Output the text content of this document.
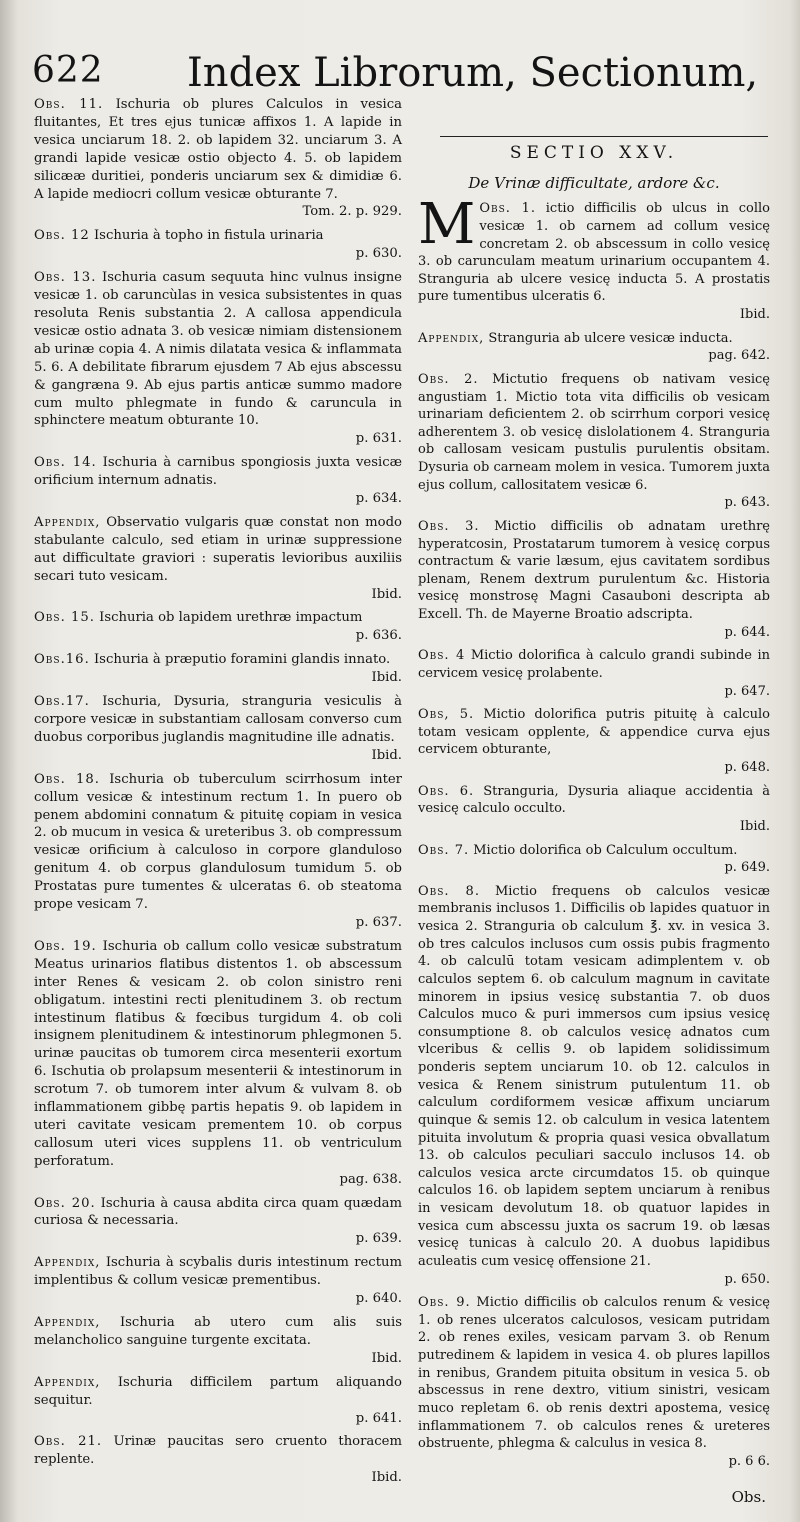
622 Index Librorum, Sectionum,
Obs. 11. Ischuria ob plures Calculos in vesica fluitantes, Et tres ejus tunicæ affixos 1. A lapide in vesica unciarum 18. 2. ob lapidem 32. unciarum 3. A grandi lapide vesicæ ostio objecto 4. 5. ob lapidem silicææ duritiei, ponderis unciarum sex & dimidiæ 6. A lapide mediocri collum vesicæ obturante 7.
Tom. 2. p. 929.
Obs. 12 Ischuria à topho in fistula urinaria
p. 630.
Obs. 13. Ischuria casum sequuta hinc vulnus insigne vesicæ 1. ob caruncùlas in vesica subsistentes in quas resoluta Renis substantia 2. A callosa appendicula vesicæ ostio adnata 3. ob vesicæ nimiam distensionem ab urinæ copia 4. A nimis dilatata vesica & inflammata 5. 6. A debilitate fibrarum ejusdem 7 Ab ejus abscessu & gangræna 9. Ab ejus partis anticæ summo madore cum multo phlegmate in fundo & caruncula in sphinctere meatum obturante 10.
p. 631.
Obs. 14. Ischuria à carnibus spongiosis juxta vesicæ orificium internum adnatis.
p. 634.
Appendix, Observatio vulgaris quæ constat non modo stabulante calculo, sed etiam in urinæ suppressione aut difficultate graviori : superatis levioribus auxiliis secari tuto vesicam.
Ibid.
Obs. 15. Ischuria ob lapidem urethræ impactum
p. 636.
Obs.16. Ischuria à præputio foramini glandis innato.
Ibid.
Obs.17. Ischuria, Dysuria, stranguria vesiculis à corpore vesicæ in substantiam callosam converso cum duobus corporibus juglandis magnitudine ille adnatis.
Ibid.
Obs. 18. Ischuria ob tuberculum scirrhosum inter collum vesicæ & intestinum rectum 1. In puero ob penem abdomini connatum & pituitę copiam in vesica 2. ob mucum in vesica & ureteribus 3. ob compressum vesicæ orificium à calculoso in corpore glanduloso genitum 4. ob corpus glandulosum tumidum 5. ob Prostatas pure tumentes & ulceratas 6. ob steatoma prope vesicam 7.
p. 637.
Obs. 19. Ischuria ob callum collo vesicæ substratum Meatus urinarios flatibus distentos 1. ob abscessum inter Renes & vesicam 2. ob colon sinistro reni obligatum. intestini recti plenitudinem 3. ob rectum intestinum flatibus & fœcibus turgidum 4. ob coli insignem plenitudinem & intestinorum phlegmonen 5. urinæ paucitas ob tumorem circa mesenterii exortum 6. Ischutia ob prolapsum mesenterii & intestinorum in scrotum 7. ob tumorem inter alvum & vulvam 8. ob inflammationem gibbę partis hepatis 9. ob lapidem in uteri cavitate vesicam prementem 10. ob corpus callosum uteri vices supplens 11. ob ventriculum perforatum.
pag. 638.
Obs. 20. Ischuria à causa abdita circa quam quædam curiosa & necessaria.
p. 639.
Appendix, Ischuria à scybalis duris intestinum rectum implentibus & collum vesicæ prementibus.
p. 640.
Appendix, Ischuria ab utero cum alis suis melancholico sanguine turgente excitata.
Ibid.
Appendix, Ischuria difficilem partum aliquando sequitur.
p. 641.
Obs. 21. Urinæ paucitas sero cruento thoracem replente.
Ibid.
SECTIO XXV.
De Vrinæ difficultate, ardore &c.
M Obs. 1. ictio difficilis ob ulcus in collo vesicæ 1. ob carnem ad collum vesicę concretam 2. ob abscessum in collo vesicę 3. ob carunculam meatum urinarium occupantem 4. Stranguria ab ulcere vesicę inducta 5. A prostatis pure tumentibus ulceratis 6.
Ibid.
Appendix, Stranguria ab ulcere vesicæ inducta.
pag. 642.
Obs. 2. Mictutio frequens ob nativam vesicę angustiam 1. Mictio tota vita difficilis ob vesicam urinariam deficientem 2. ob scirrhum corpori vesicę adherentem 3. ob vesicę dislolationem 4. Stranguria ob callosam vesicam pustulis purulentis obsitam. Dysuria ob carneam molem in vesica. Tumorem juxta ejus collum, callositatem vesicæ 6.
p. 643.
Obs. 3. Mictio difficilis ob adnatam urethrę hyperatcosin, Prostatarum tumorem à vesicę corpus contractum & varie læsum, ejus cavitatem sordibus plenam, Renem dextrum purulentum &c. Historia vesicę monstrosę Magni Casauboni descripta ab Excell. Th. de Mayerne Broatio adscripta.
p. 644.
Obs. 4 Mictio dolorifica à calculo grandi subinde in cervicem vesicę prolabente.
p. 647.
Obs, 5. Mictio dolorifica putris pituitę à calculo totam vesicam opplente, & appendice curva ejus cervicem obturante,
p. 648.
Obs. 6. Stranguria, Dysuria aliaque accidentia à vesicę calculo occulto.
Ibid.
Obs. 7. Mictio dolorifica ob Calculum occultum.
p. 649.
Obs. 8. Mictio frequens ob calculos vesicæ membranis inclusos 1. Difficilis ob lapides quatuor in vesica 2. Stranguria ob calculum ℥. xv. in vesica 3. ob tres calculos inclusos cum ossis pubis fragmento 4. ob calculū totam vesicam adimplentem v. ob calculos septem 6. ob calculum magnum in cavitate minorem in ipsius vesicę substantia 7. ob duos Calculos muco & puri immersos cum ipsius vesicę consumptione 8. ob calculos vesicę adnatos cum vlceribus & cellis 9. ob lapidem solidissimum ponderis septem unciarum 10. ob 12. calculos in vesica & Renem sinistrum putulentum 11. ob calculum cordiformem vesicæ affixum unciarum quinque & semis 12. ob calculum in vesica latentem pituita involutum & propria quasi vesica obvallatum 13. ob calculos peculiari sacculo inclusos 14. ob calculos vesica arcte circumdatos 15. ob quinque calculos 16. ob lapidem septem unciarum à renibus in vesicam devolutum 18. ob quatuor lapides in vesica cum abscessu juxta os sacrum 19. ob læsas vesicę tunicas à calculo 20. A duobus lapidibus aculeatis cum vesicę offensione 21.
p. 650.
Obs. 9. Mictio difficilis ob calculos renum & vesicę 1. ob renes ulceratos calculosos, vesicam putridam 2. ob renes exiles, vesicam parvam 3. ob Renum putredinem & lapidem in vesica 4. ob plures lapillos in renibus, Grandem pituita obsitum in vesica 5. ob abscessus in rene dextro, vitium sinistri, vesicam muco repletam 6. ob renis dextri apostema, vesicę inflammationem 7. ob calculos renes & ureteres obstruente, phlegma & calculus in vesica 8.
p. 6 6.
Obs.
